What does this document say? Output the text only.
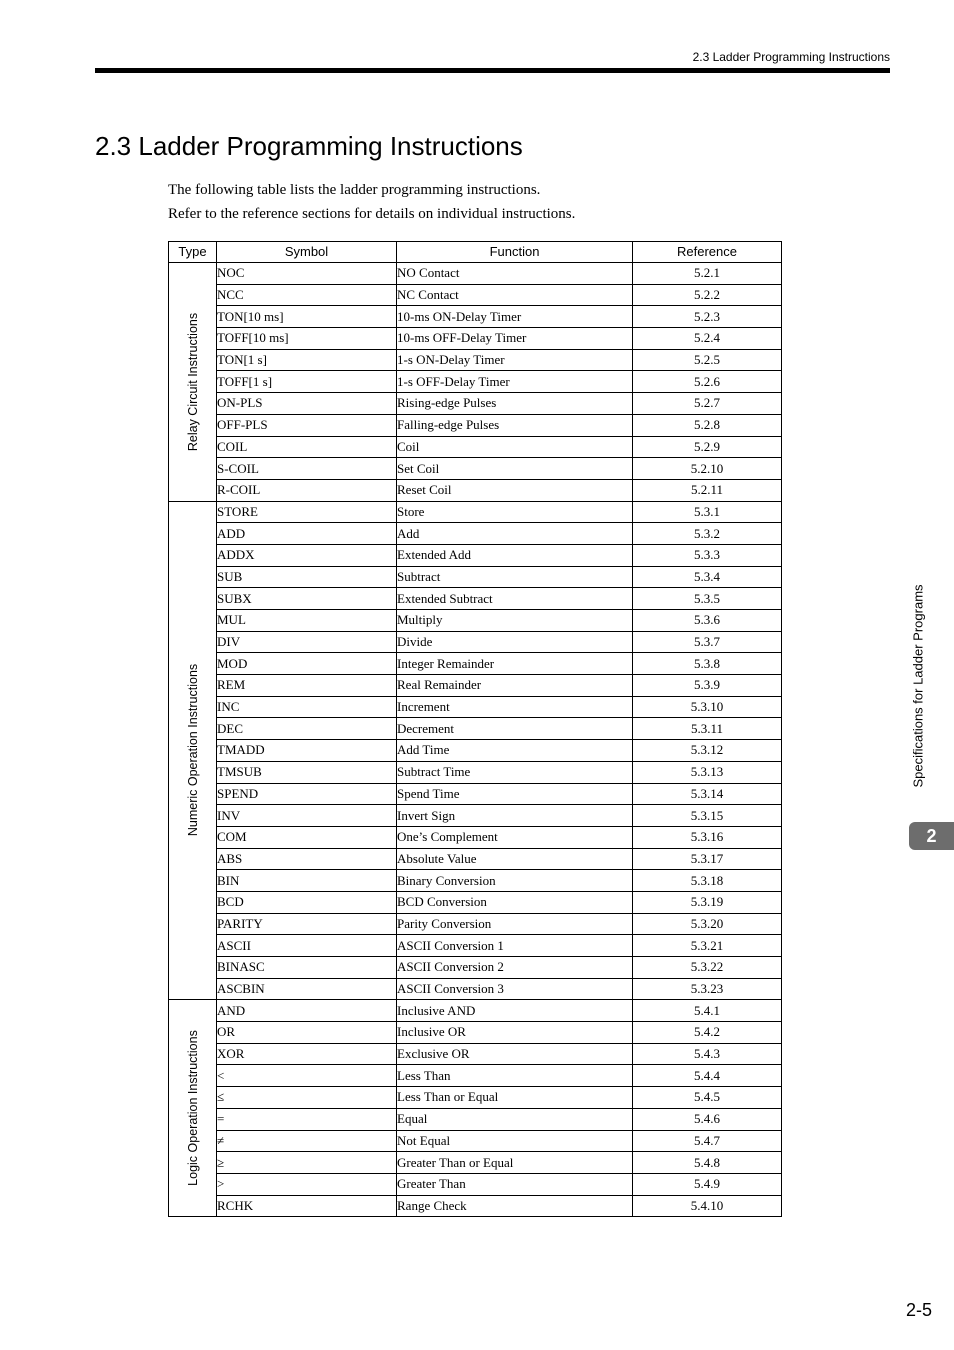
2.3 Ladder Programming Instructions
2.3 Ladder Programming Instructions
The following table lists the ladder programming instructions.
Refer to the reference sections for details on individual instructions.
Type	Symbol	Function	Reference

Relay Circuit Instructions	NOC	NO Contact	5.2.1
	NCC	NC Contact	5.2.2
	TON[10 ms]	10-ms ON-Delay Timer	5.2.3
	TOFF[10 ms]	10-ms OFF-Delay Timer	5.2.4
	TON[1 s]	1-s ON-Delay Timer	5.2.5
	TOFF[1 s]	1-s OFF-Delay Timer	5.2.6
	ON-PLS	Rising-edge Pulses	5.2.7
	OFF-PLS	Falling-edge Pulses	5.2.8
	COIL	Coil	5.2.9
	S-COIL	Set Coil	5.2.10
	R-COIL	Reset Coil	5.2.11

Numeric Operation Instructions	STORE	Store	5.3.1
	ADD	Add	5.3.2
	ADDX	Extended Add	5.3.3
	SUB	Subtract	5.3.4
	SUBX	Extended Subtract	5.3.5
	MUL	Multiply	5.3.6
	DIV	Divide	5.3.7
	MOD	Integer Remainder	5.3.8
	REM	Real Remainder	5.3.9
	INC	Increment	5.3.10
	DEC	Decrement	5.3.11
	TMADD	Add Time	5.3.12
	TMSUB	Subtract Time	5.3.13
	SPEND	Spend Time	5.3.14
	INV	Invert Sign	5.3.15
	COM	One’s Complement	5.3.16
	ABS	Absolute Value	5.3.17
	BIN	Binary Conversion	5.3.18
	BCD	BCD Conversion	5.3.19
	PARITY	Parity Conversion	5.3.20
	ASCII	ASCII Conversion 1	5.3.21
	BINASC	ASCII Conversion 2	5.3.22
	ASCBIN	ASCII Conversion 3	5.3.23

Logic Operation Instructions	AND	Inclusive AND	5.4.1
	OR	Inclusive OR	5.4.2
	XOR	Exclusive OR	5.4.3
	<	Less Than	5.4.4
	≤	Less Than or Equal	5.4.5
	=	Equal	5.4.6
	≠	Not Equal	5.4.7
	≥	Greater Than or Equal	5.4.8
	>	Greater Than	5.4.9
	RCHK	Range Check	5.4.10
Specifications for Ladder Programs
2
2-5
